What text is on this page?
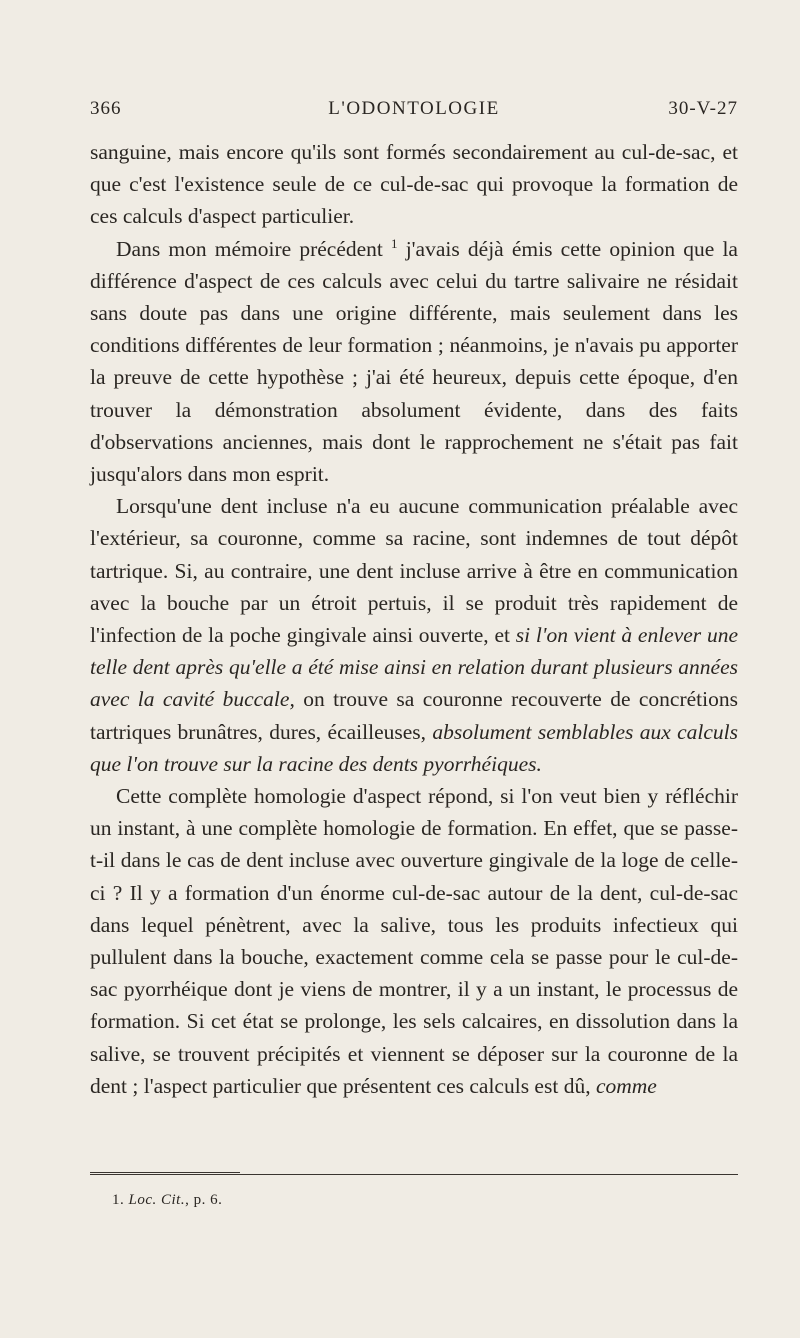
366	L'ODONTOLOGIE	30-V-27

sanguine, mais encore qu'ils sont formés secondairement au cul-de-sac, et que c'est l'existence seule de ce cul-de-sac qui provoque la formation de ces calculs d'aspect particulier.

Dans mon mémoire précédent $^1$ j'avais déjà émis cette opinion que la différence d'aspect de ces calculs avec celui du tartre salivaire ne résidait sans doute pas dans une origine différente, mais seulement dans les conditions différentes de leur formation ; néanmoins, je n'avais pu apporter la preuve de cette hypothèse ; j'ai été heureux, depuis cette époque, d'en trouver la démonstration absolument évidente, dans des faits d'observations anciennes, mais dont le rapprochement ne s'était pas fait jusqu'alors dans mon esprit.

Lorsqu'une dent incluse n'a eu aucune communication préalable avec l'extérieur, sa couronne, comme sa racine, sont indemnes de tout dépôt tartrique. Si, au contraire, une dent incluse arrive à être en communication avec la bouche par un étroit pertuis, il se produit très rapidement de l'infection de la poche gingivale ainsi ouverte, et si l'on vient à enlever une telle dent après qu'elle a été mise ainsi en relation durant plusieurs années avec la cavité buccale, on trouve sa couronne recouverte de concrétions tartriques brunâtres, dures, écailleuses, absolument semblables aux calculs que l'on trouve sur la racine des dents pyorrhéiques.

Cette complète homologie d'aspect répond, si l'on veut bien y réfléchir un instant, à une complète homologie de formation. En effet, que se passe-t-il dans le cas de dent incluse avec ouverture gingivale de la loge de celle-ci ? Il y a formation d'un énorme cul-de-sac autour de la dent, cul-de-sac dans lequel pénètrent, avec la salive, tous les produits infectieux qui pullulent dans la bouche, exactement comme cela se passe pour le cul-de-sac pyorrhéique dont je viens de montrer, il y a un instant, le processus de formation. Si cet état se prolonge, les sels calcaires, en dissolution dans la salive, se trouvent précipités et viennent se déposer sur la couronne de la dent ; l'aspect particulier que présentent ces calculs est dû, comme

1. Loc. Cit., p. 6.
